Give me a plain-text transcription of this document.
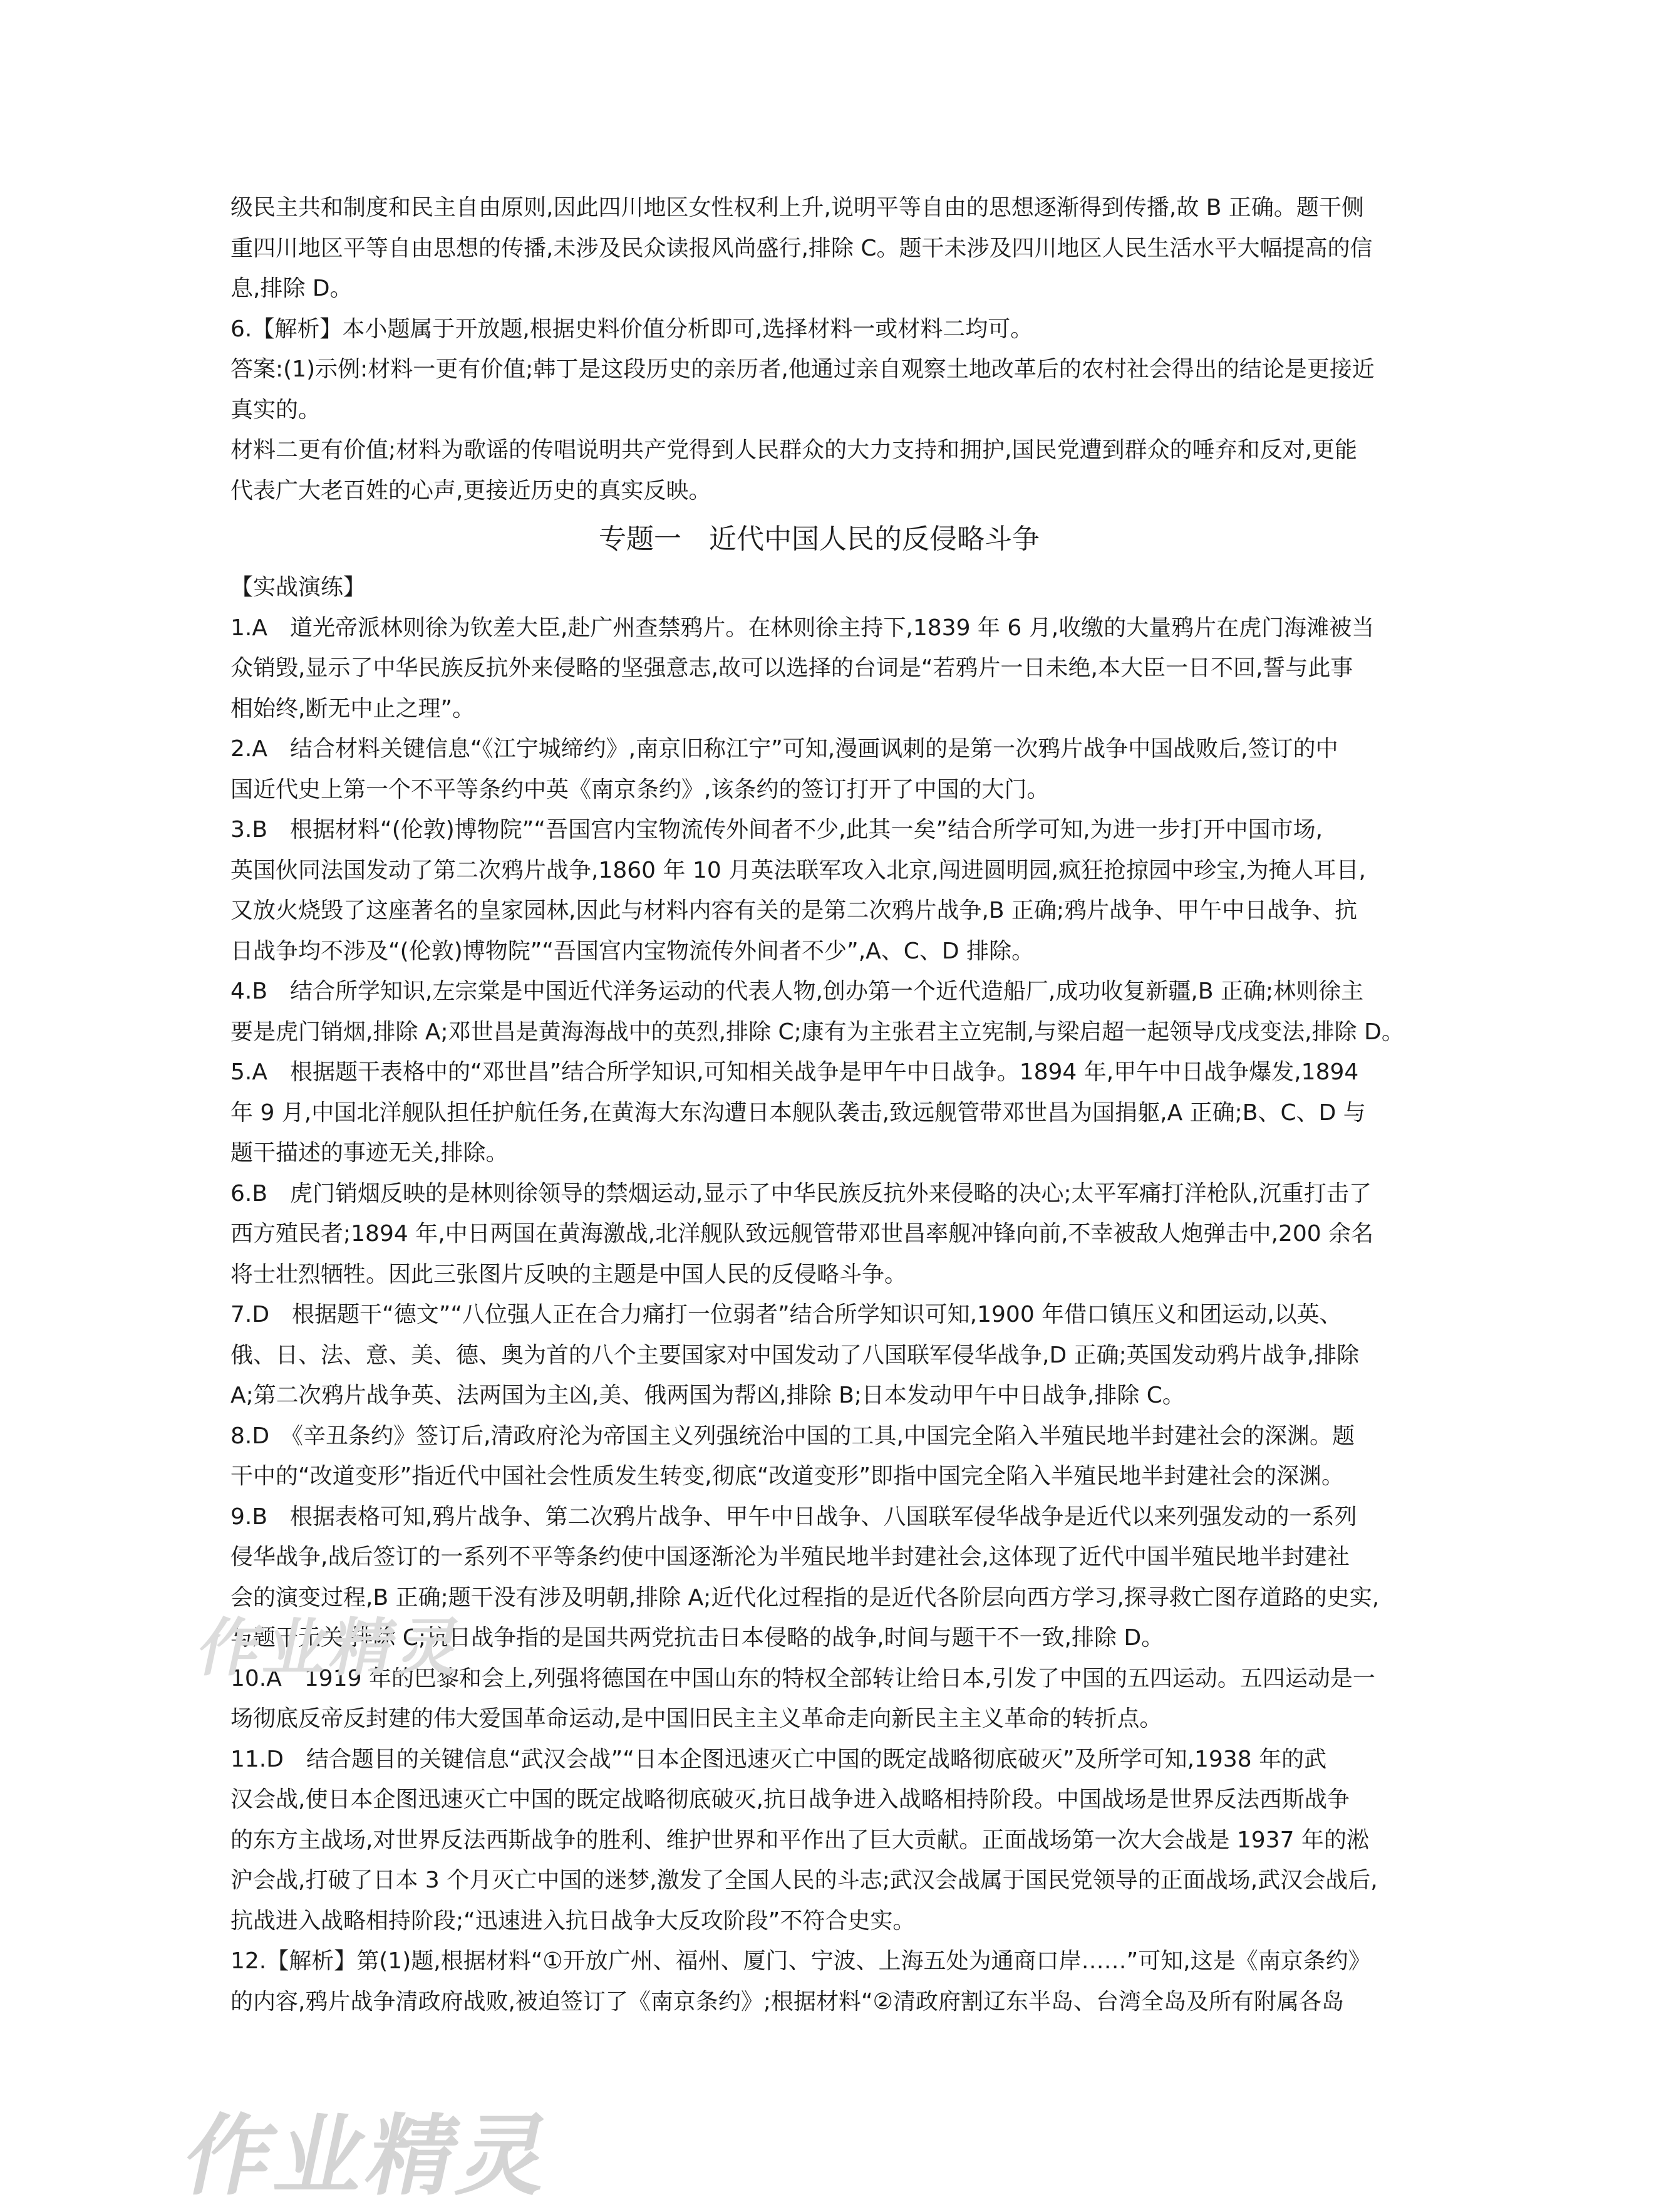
级民主共和制度和民主自由原则,因此四川地区女性权利上升,说明平等自由的思想逐渐得到传播,故 B 正确。题干侧
重四川地区平等自由思想的传播,未涉及民众读报风尚盛行,排除 C。题干未涉及四川地区人民生活水平大幅提高的信
息,排除 D。
6.【解析】本小题属于开放题,根据史料价值分析即可,选择材料一或材料二均可。
答案:(1)示例:材料一更有价值;韩丁是这段历史的亲历者,他通过亲自观察土地改革后的农村社会得出的结论是更接近
真实的。
材料二更有价值;材料为歌谣的传唱说明共产党得到人民群众的大力支持和拥护,国民党遭到群众的唾弃和反对,更能
代表广大老百姓的心声,更接近历史的真实反映。
专题一　近代中国人民的反侵略斗争
【实战演练】
1.A　道光帝派林则徐为钦差大臣,赴广州查禁鸦片。在林则徐主持下,1839 年 6 月,收缴的大量鸦片在虎门海滩被当
众销毁,显示了中华民族反抗外来侵略的坚强意志,故可以选择的台词是“若鸦片一日未绝,本大臣一日不回,誓与此事
相始终,断无中止之理”。
2.A　结合材料关键信息“《江宁城缔约》,南京旧称江宁”可知,漫画讽刺的是第一次鸦片战争中国战败后,签订的中
国近代史上第一个不平等条约中英《南京条约》,该条约的签订打开了中国的大门。
3.B　根据材料“(伦敦)博物院”“吾国宫内宝物流传外间者不少,此其一矣”结合所学可知,为进一步打开中国市场,
英国伙同法国发动了第二次鸦片战争,1860 年 10 月英法联军攻入北京,闯进圆明园,疯狂抢掠园中珍宝,为掩人耳目,
又放火烧毁了这座著名的皇家园林,因此与材料内容有关的是第二次鸦片战争,B 正确;鸦片战争、甲午中日战争、抗
日战争均不涉及“(伦敦)博物院”“吾国宫内宝物流传外间者不少”,A、C、D 排除。
4.B　结合所学知识,左宗棠是中国近代洋务运动的代表人物,创办第一个近代造船厂,成功收复新疆,B 正确;林则徐主
要是虎门销烟,排除 A;邓世昌是黄海海战中的英烈,排除 C;康有为主张君主立宪制,与梁启超一起领导戊戌变法,排除 D。
5.A　根据题干表格中的“邓世昌”结合所学知识,可知相关战争是甲午中日战争。1894 年,甲午中日战争爆发,1894
年 9 月,中国北洋舰队担任护航任务,在黄海大东沟遭日本舰队袭击,致远舰管带邓世昌为国捐躯,A 正确;B、C、D 与
题干描述的事迹无关,排除。
6.B　虎门销烟反映的是林则徐领导的禁烟运动,显示了中华民族反抗外来侵略的决心;太平军痛打洋枪队,沉重打击了
西方殖民者;1894 年,中日两国在黄海激战,北洋舰队致远舰管带邓世昌率舰冲锋向前,不幸被敌人炮弹击中,200 余名
将士壮烈牺牲。因此三张图片反映的主题是中国人民的反侵略斗争。
7.D　根据题干“德文”“八位强人正在合力痛打一位弱者”结合所学知识可知,1900 年借口镇压义和团运动,以英、
俄、日、法、意、美、德、奥为首的八个主要国家对中国发动了八国联军侵华战争,D 正确;英国发动鸦片战争,排除
A;第二次鸦片战争英、法两国为主凶,美、俄两国为帮凶,排除 B;日本发动甲午中日战争,排除 C。
8.D　《辛丑条约》签订后,清政府沦为帝国主义列强统治中国的工具,中国完全陷入半殖民地半封建社会的深渊。题
干中的“改道变形”指近代中国社会性质发生转变,彻底“改道变形”即指中国完全陷入半殖民地半封建社会的深渊。
9.B　根据表格可知,鸦片战争、第二次鸦片战争、甲午中日战争、八国联军侵华战争是近代以来列强发动的一系列
侵华战争,战后签订的一系列不平等条约使中国逐渐沦为半殖民地半封建社会,这体现了近代中国半殖民地半封建社
会的演变过程,B 正确;题干没有涉及明朝,排除 A;近代化过程指的是近代各阶层向西方学习,探寻救亡图存道路的史实,
与题干无关,排除 C;抗日战争指的是国共两党抗击日本侵略的战争,时间与题干不一致,排除 D。
10.A　1919 年的巴黎和会上,列强将德国在中国山东的特权全部转让给日本,引发了中国的五四运动。五四运动是一
场彻底反帝反封建的伟大爱国革命运动,是中国旧民主主义革命走向新民主主义革命的转折点。
11.D　结合题目的关键信息“武汉会战”“日本企图迅速灭亡中国的既定战略彻底破灭”及所学可知,1938 年的武
汉会战,使日本企图迅速灭亡中国的既定战略彻底破灭,抗日战争进入战略相持阶段。中国战场是世界反法西斯战争
的东方主战场,对世界反法西斯战争的胜利、维护世界和平作出了巨大贡献。正面战场第一次大会战是 1937 年的淞
沪会战,打破了日本 3 个月灭亡中国的迷梦,激发了全国人民的斗志;武汉会战属于国民党领导的正面战场,武汉会战后,
抗战进入战略相持阶段;“迅速进入抗日战争大反攻阶段”不符合史实。
12.【解析】第(1)题,根据材料“①开放广州、福州、厦门、宁波、上海五处为通商口岸……”可知,这是《南京条约》
的内容,鸦片战争清政府战败,被迫签订了《南京条约》;根据材料“②清政府割辽东半岛、台湾全岛及所有附属各岛
作业精灵
作业精灵
